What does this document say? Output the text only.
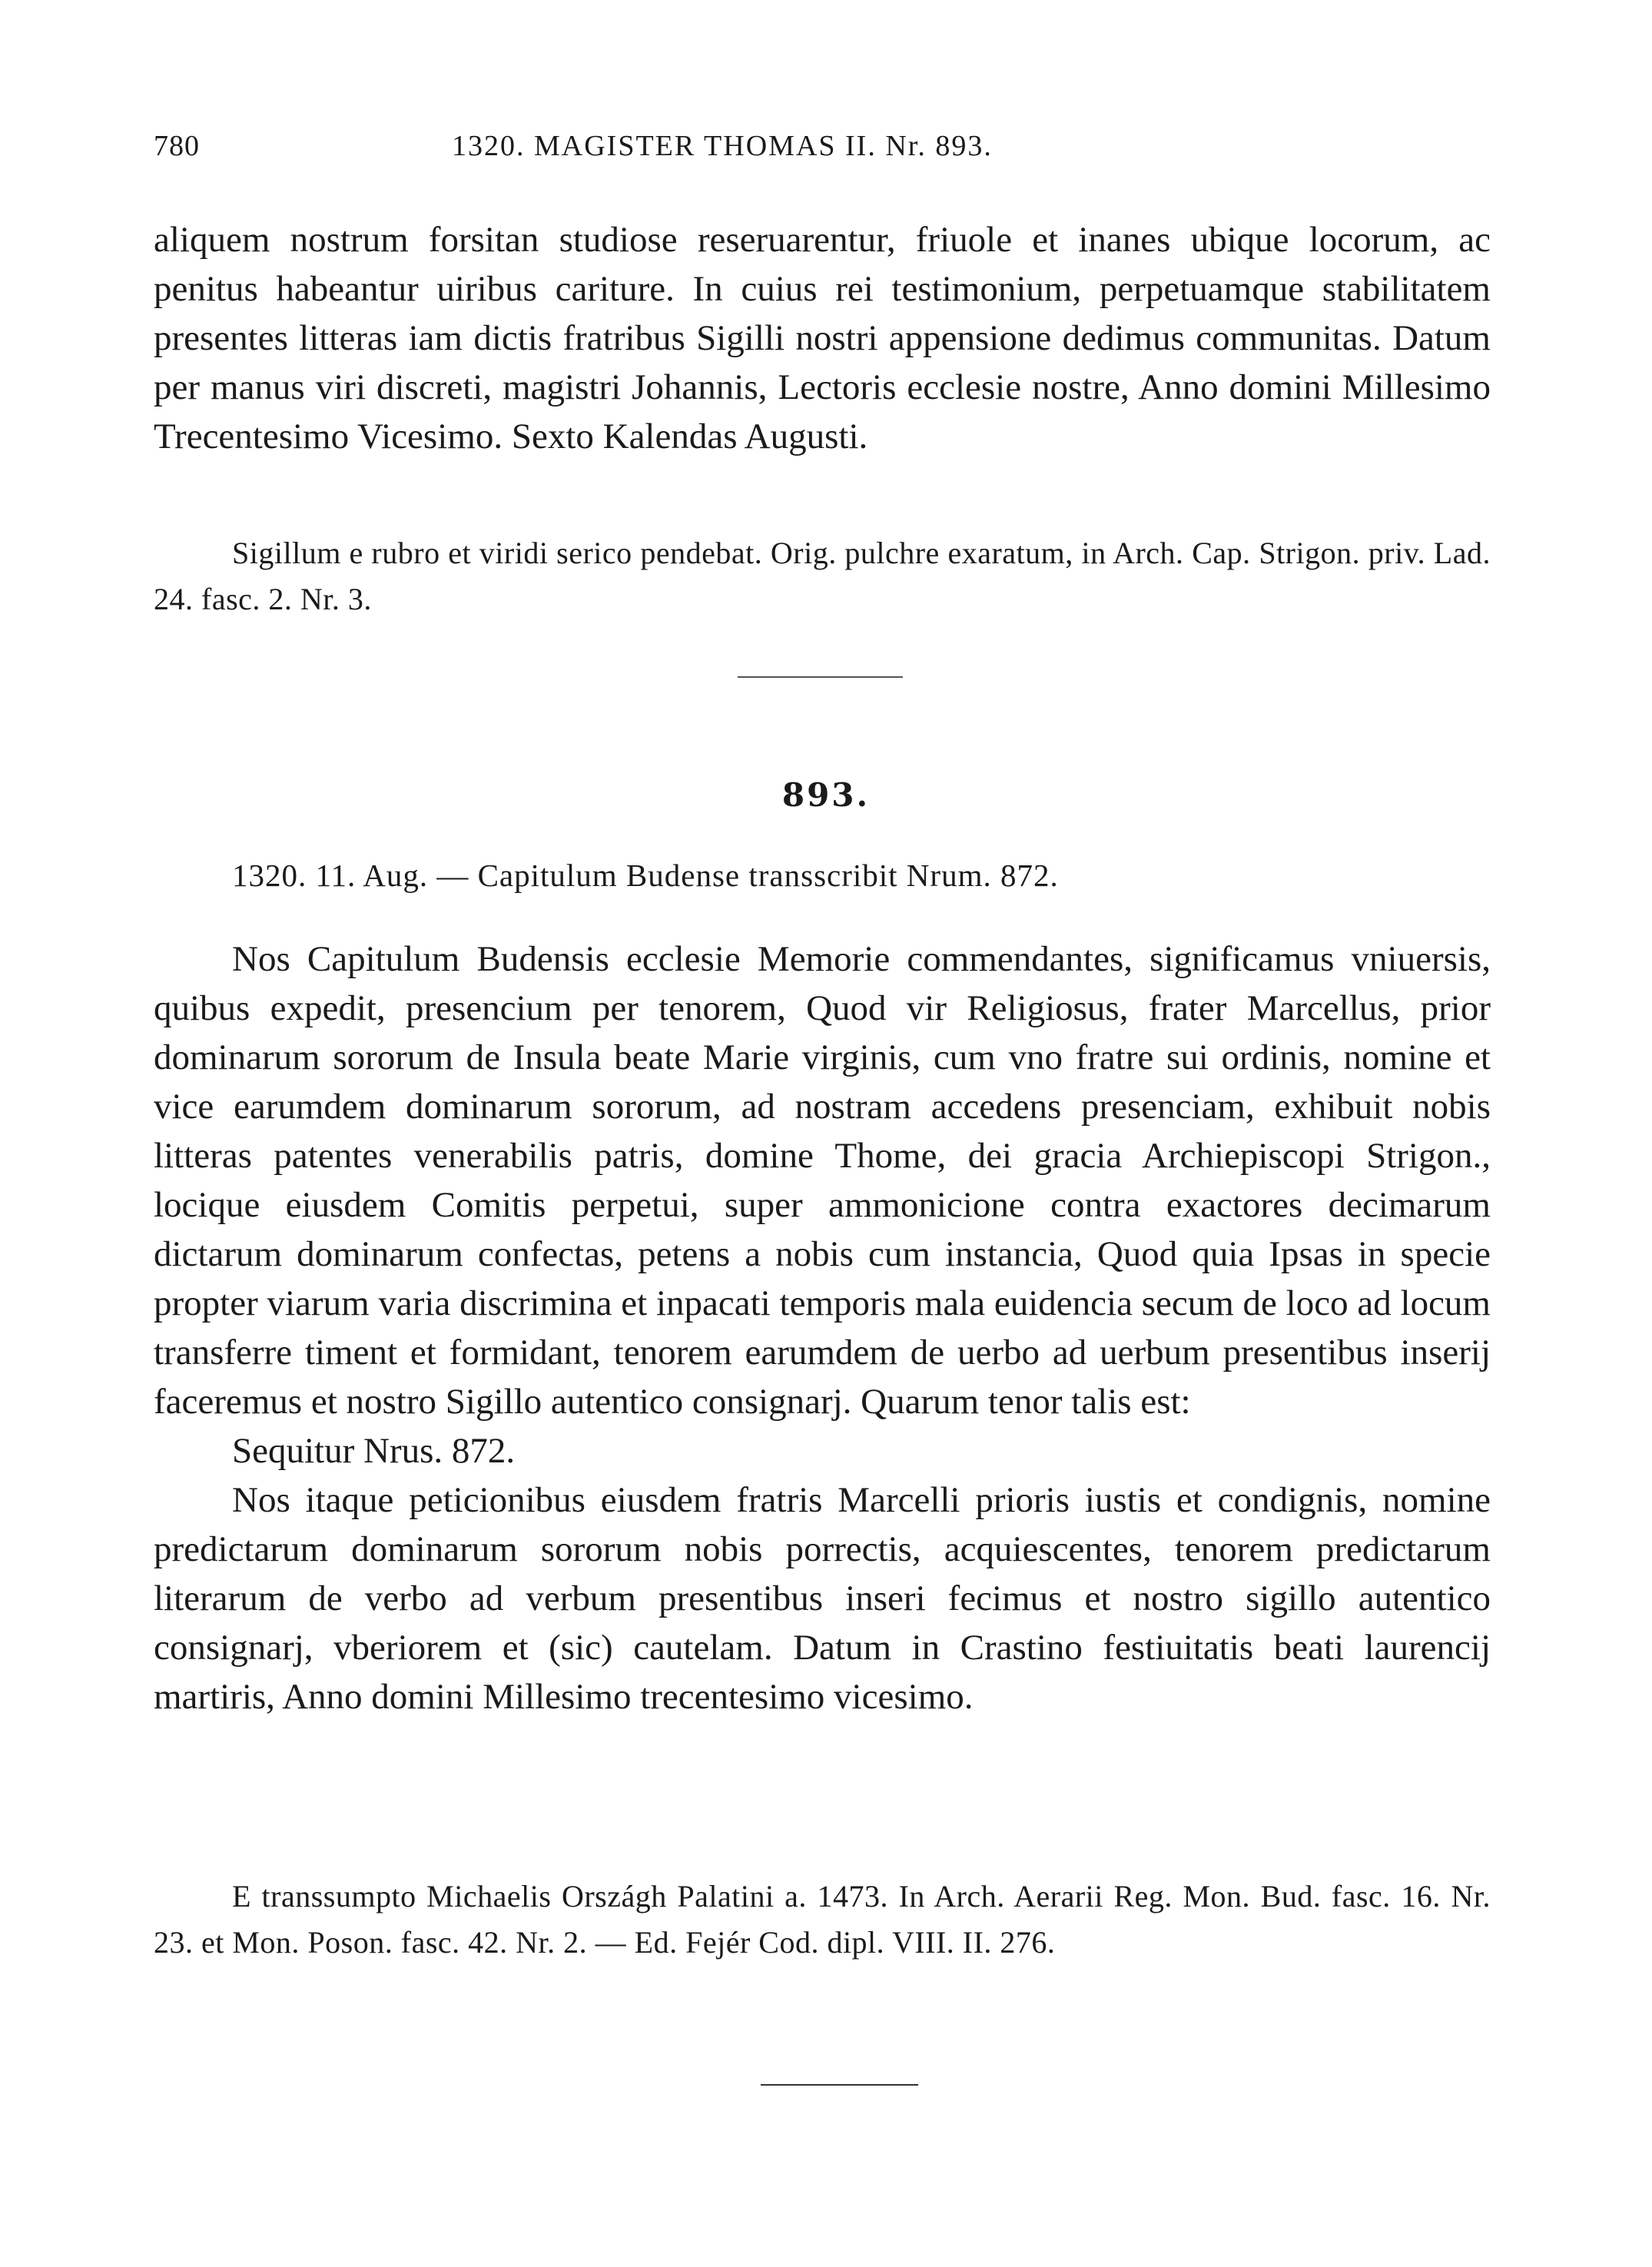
780	1320. MAGISTER THOMAS II. Nr. 893.
aliquem nostrum forsitan studiose reseruarentur, friuole et inanes ubique locorum, ac penitus habeantur uiribus cariture. In cuius rei testimonium, perpetuamque stabilitatem presentes litteras iam dictis fratribus Sigilli nostri appensione dedimus communitas. Datum per manus viri discreti, magistri Johannis, Lectoris ecclesie nostre, Anno domini Millesimo Trecentesimo Vicesimo. Sexto Kalendas Augusti.
Sigillum e rubro et viridi serico pendebat. Orig. pulchre exaratum, in Arch. Cap. Strigon. priv. Lad. 24. fasc. 2. Nr. 3.
893.
1320. 11. Aug. — Capitulum Budense transscribit Nrum. 872.

Nos Capitulum Budensis ecclesie Memorie commendantes, significamus vniuersis, quibus expedit, presencium per tenorem, Quod vir Religiosus, frater Marcellus, prior dominarum sororum de Insula beate Marie virginis, cum vno fratre sui ordinis, nomine et vice earumdem dominarum sororum, ad nostram accedens presenciam, exhibuit nobis litteras patentes venerabilis patris, domine Thome, dei gracia Archiepiscopi Strigon., locique eiusdem Comitis perpetui, super ammonicione contra exactores decimarum dictarum dominarum confectas, petens a nobis cum instancia, Quod quia Ipsas in specie propter viarum varia discrimina et inpacati temporis mala euidencia secum de loco ad locum transferre timent et formidant, tenorem earumdem de uerbo ad uerbum presentibus inserij faceremus et nostro Sigillo autentico consignarj. Quarum tenor talis est:

Sequitur Nrus. 872.

Nos itaque peticionibus eiusdem fratris Marcelli prioris iustis et condignis, nomine predictarum dominarum sororum nobis porrectis, acquiescentes, tenorem predictarum literarum de verbo ad verbum presentibus inseri fecimus et nostro sigillo autentico consignarj, vberiorem et (sic) cautelam. Datum in Crastino festiuitatis beati laurencij martiris, Anno domini Millesimo trecentesimo vicesimo.

E transsumpto Michaelis Országh Palatini a. 1473. In Arch. Aerarii Reg. Mon. Bud. fasc. 16. Nr. 23. et Mon. Poson. fasc. 42. Nr. 2. — Ed. Fejér Cod. dipl. VIII. II. 276.
